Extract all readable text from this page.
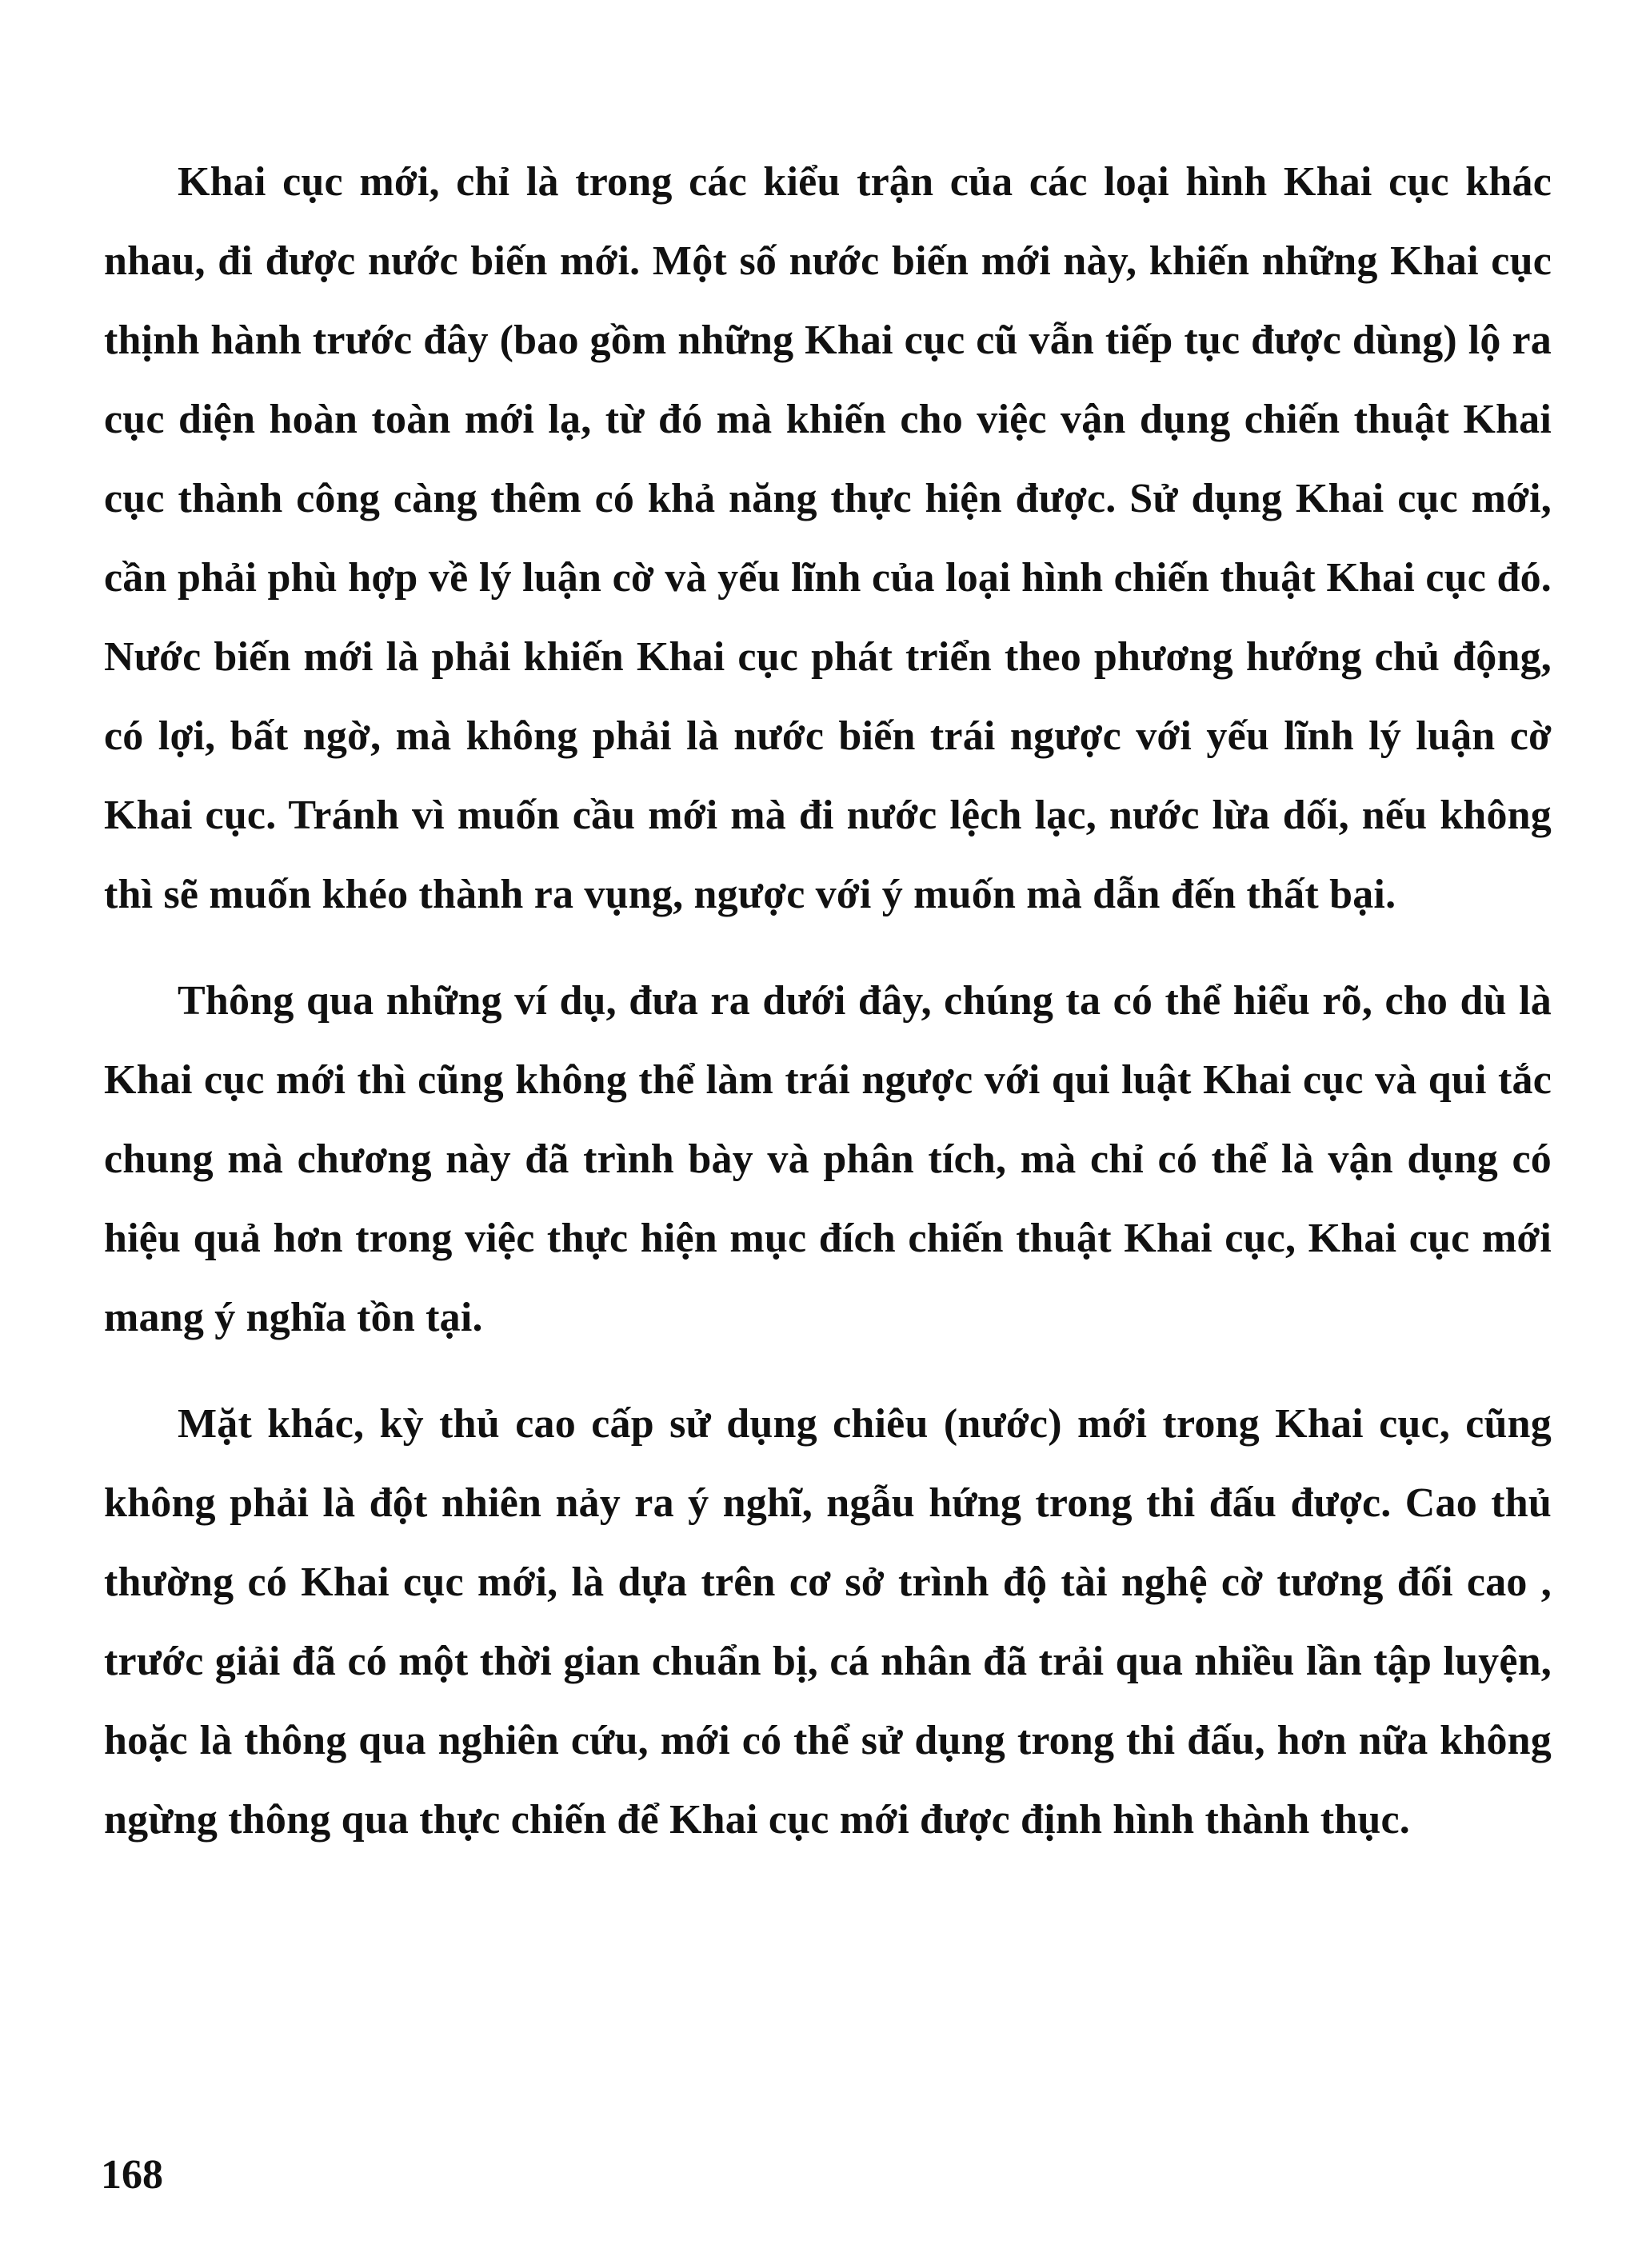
Khai cục mới, chỉ là trong các kiểu trận của các loại hình Khai cục khác nhau, đi được nước biến mới. Một số nước biến mới này, khiến những Khai cục thịnh hành trước đây (bao gồm những Khai cục cũ vẫn tiếp tục được dùng) lộ ra cục diện hoàn toàn mới lạ, từ đó mà khiến cho việc vận dụng chiến thuật Khai cục thành công càng thêm có khả năng thực hiện được. Sử dụng Khai cục mới, cần phải phù hợp về lý luận cờ và yếu lĩnh của loại hình chiến thuật Khai cục đó. Nước biến mới là phải khiến Khai cục phát triển theo phương hướng chủ động, có lợi, bất ngờ, mà không phải là nước biến trái ngược với yếu lĩnh lý luận cờ Khai cục. Tránh vì muốn cầu mới mà đi nước lệch lạc, nước lừa dối, nếu không thì sẽ muốn khéo thành ra vụng, ngược với ý muốn mà dẫn đến thất bại.

Thông qua những ví dụ, đưa ra dưới đây, chúng ta có thể hiểu rõ, cho dù là Khai cục mới thì cũng không thể làm trái ngược với qui luật Khai cục và qui tắc chung mà chương này đã trình bày và phân tích, mà chỉ có thể là vận dụng có hiệu quả hơn trong việc thực hiện mục đích chiến thuật Khai cục, Khai cục mới mang ý nghĩa tồn tại.

Mặt khác, kỳ thủ cao cấp sử dụng chiêu (nước) mới trong Khai cục, cũng không phải là đột nhiên nảy ra ý nghĩ, ngẫu hứng trong thi đấu được. Cao thủ thường có Khai cục mới, là dựa trên cơ sở trình độ tài nghệ cờ tương đối cao , trước giải đã có một thời gian chuẩn bị, cá nhân đã trải qua nhiều lần tập luyện, hoặc là thông qua nghiên cứu, mới có thể sử dụng trong thi đấu, hơn nữa không ngừng thông qua thực chiến để Khai cục mới được định hình thành thục.

168
